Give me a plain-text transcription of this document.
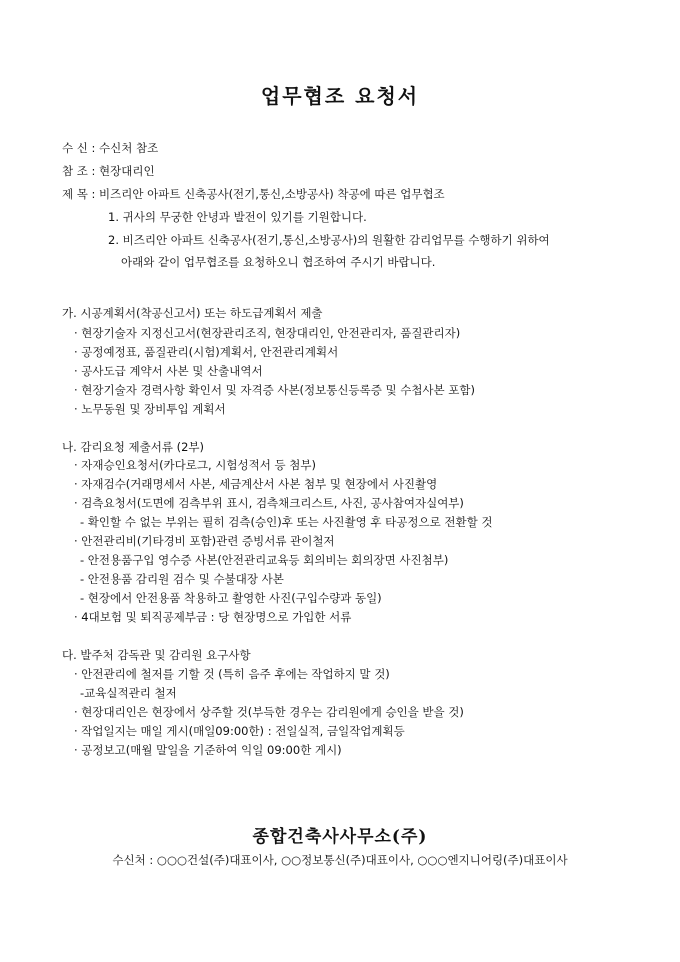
업무협조 요청서
수 신 : 수신처 참조
참 조 : 현장대리인
제 목 : 비즈리안 아파트 신축공사(전기,통신,소방공사) 착공에 따른 업무협조
1. 귀사의 무궁한 안녕과 발전이 있기를 기원합니다.
2. 비즈리안 아파트 신축공사(전기,통신,소방공사)의 원활한 감리업무를 수행하기 위하여
아래와 같이 업무협조를 요청하오니 협조하여 주시기 바랍니다.
가. 시공계획서(착공신고서) 또는 하도급계획서 제출
· 현장기술자 지정신고서(현장관리조직, 현장대리인, 안전관리자, 품질관리자)
· 공정예정표, 품질관리(시험)계획서, 안전관리계획서
· 공사도급 계약서 사본 및 산출내역서
· 현장기술자 경력사항 확인서 및 자격증 사본(정보통신등록증 및 수첩사본 포함)
· 노무동원 및 장비투입 계획서
나. 감리요청 제출서류 (2부)
· 자재승인요청서(카다로그, 시험성적서 등 첨부)
· 자재검수(거래명세서 사본, 세금계산서 사본 첨부 및 현장에서 사진촬영
· 검측요청서(도면에 검측부위 표시, 검측채크리스트, 사진, 공사참여자실여부)
- 확인할 수 없는 부위는 필히 검측(승인)후 또는 사진촬영 후 타공정으로 전환할 것
· 안전관리비(기타경비 포함)관련 증빙서류 관이철저
- 안전용품구입 영수증 사본(안전관리교육등 회의비는 회의장면 사진첨부)
- 안전용품 감리원 검수 및 수불대장 사본
- 현장에서 안전용품 착용하고 촬영한 사진(구입수량과 동일)
· 4대보험 및 퇴직공제부금 : 당 현장명으로 가입한 서류
다. 발주처 감독관 및 감리원 요구사항
· 안전관리에 철저를 기할 것 (특히 음주 후에는 작업하지 말 것)
-교육실적관리 철저
· 현장대리인은 현장에서 상주할 것(부득한 경우는 감리원에게 승인을 받을 것)
· 작업일지는 매일 게시(매일09:00한) : 전일실적, 금일작업계획등
· 공정보고(매월 말일을 기준하여 익일 09:00한 게시)
종합건축사사무소(주)
수신처 : ○○○건설(주)대표이사, ○○정보통신(주)대표이사, ○○○엔지니어링(주)대표이사
